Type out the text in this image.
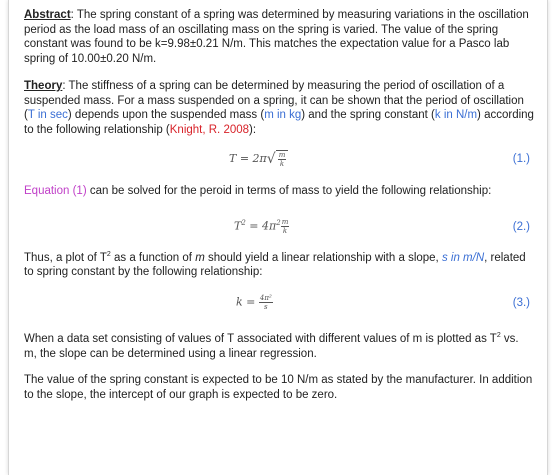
Abstract: The spring constant of a spring was determined by measuring variations in the oscillation period as the load mass of an oscillating mass on the spring is varied. The value of the spring constant was found to be k=9.98±0.21 N/m. This matches the expectation value for a Pasco lab spring of 10.00±0.20 N/m.

Theory: The stiffness of a spring can be determined by measuring the period of oscillation of a suspended mass. For a mass suspended on a spring, it can be shown that the period of oscillation (T in sec) depends upon the suspended mass (m in kg) and the spring constant (k in N/m) according to the following relationship (Knight, R. 2008):

$T = 2\pi√ \frac{m}{k}$	(1.)

Equation (1) can be solved for the peroid in terms of mass to yield the following relationship:

$T^2 = 4\pi^2 \frac{m}{k}$	(2.)

Thus, a plot of $T^2$ as a function of m should yield a linear relationship with a slope, s in m/N, related to spring constant by the following relationship:

$k = \frac{\text{4π²}}{s}$	(3.)

When a data set consisting of values of T associated with different values of m is plotted as $T^2$ vs. m, the slope can be determined using a linear regression.

The value of the spring constant is expected to be 10 N/m as stated by the manufacturer. In addition to the slope, the intercept of our graph is expected to be zero.
